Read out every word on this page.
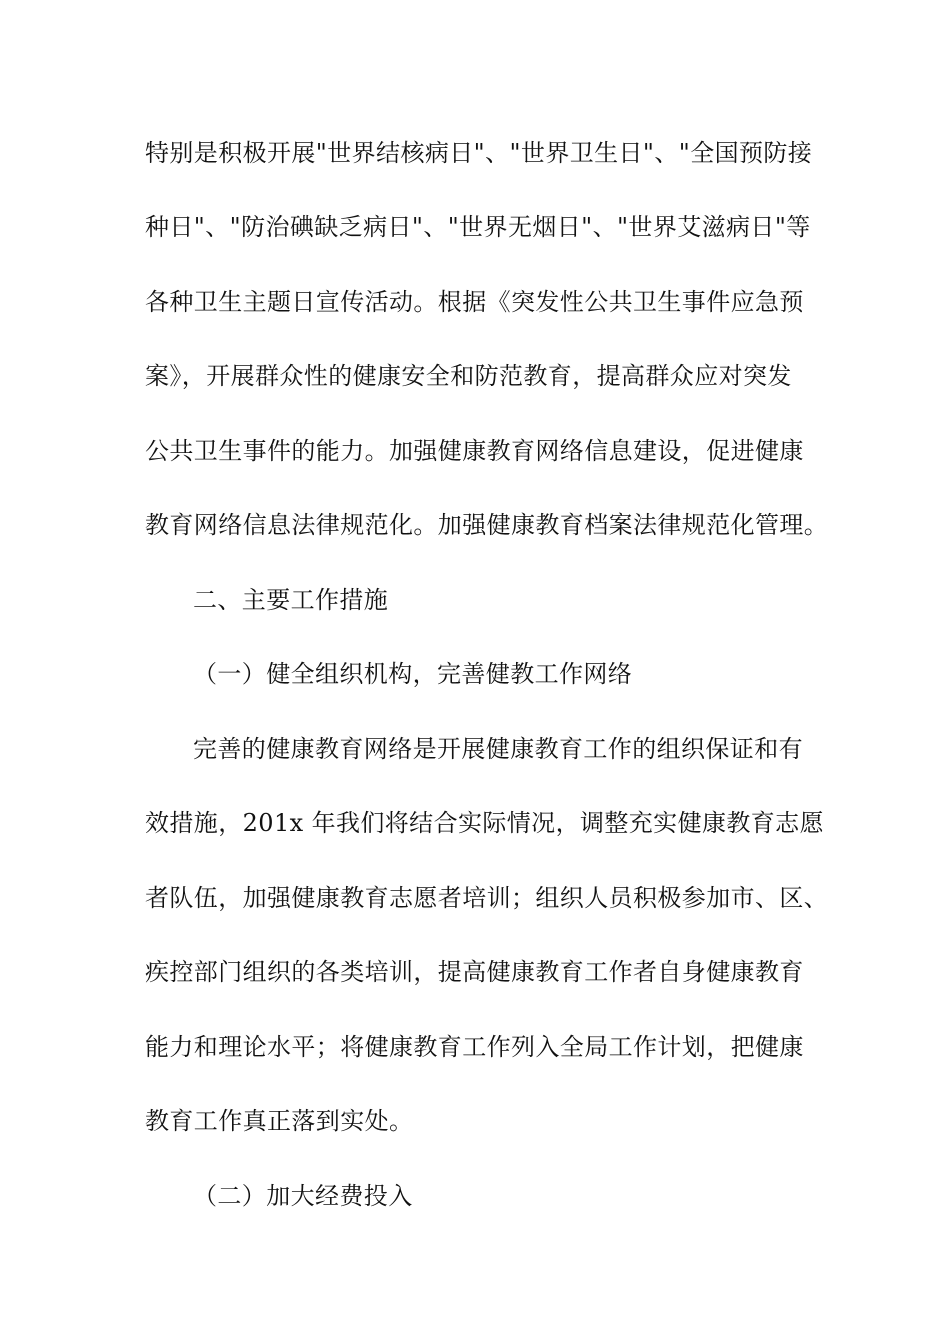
特别是积极开展"世界结核病日"、"世界卫生日"、"全国预防接
种日"、"防治碘缺乏病日"、"世界无烟日"、"世界艾滋病日"等
各种卫生主题日宣传活动。根据《突发性公共卫生事件应急预
案》，开展群众性的健康安全和防范教育，提高群众应对突发
公共卫生事件的能力。加强健康教育网络信息建设，促进健康
教育网络信息法律规范化。加强健康教育档案法律规范化管理。
二、主要工作措施
（一）健全组织机构，完善健教工作网络
完善的健康教育网络是开展健康教育工作的组织保证和有
效措施，201x 年我们将结合实际情况，调整充实健康教育志愿
者队伍，加强健康教育志愿者培训；组织人员积极参加市、区、
疾控部门组织的各类培训，提高健康教育工作者自身健康教育
能力和理论水平；将健康教育工作列入全局工作计划，把健康
教育工作真正落到实处。
（二）加大经费投入
